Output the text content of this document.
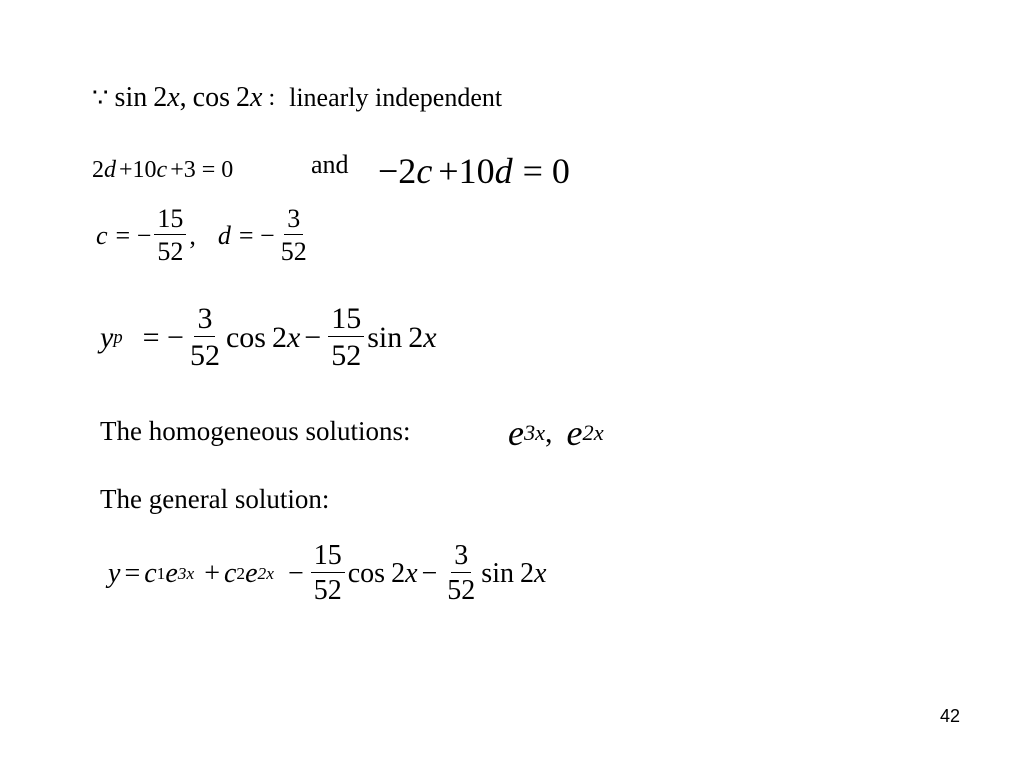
∵ sin 2 x , cos 2 x : linearly independent
2 d +10 c +3 = 0	and −2 c +10 d = 0
c = − $\frac{15}{52}$ , d = − $\frac{3}{52}$
y p = − $\frac{3}{52}$ cos 2 $x - \frac{15}{52}$ sin 2 x
The homogeneous solutions:	e 3x , e 2x
The general solution:
y = c 1 e 3x + c 2 e $2x - \frac{15}{52}$ cos 2 $x - \frac{3}{52}$ sin 2 x
42
